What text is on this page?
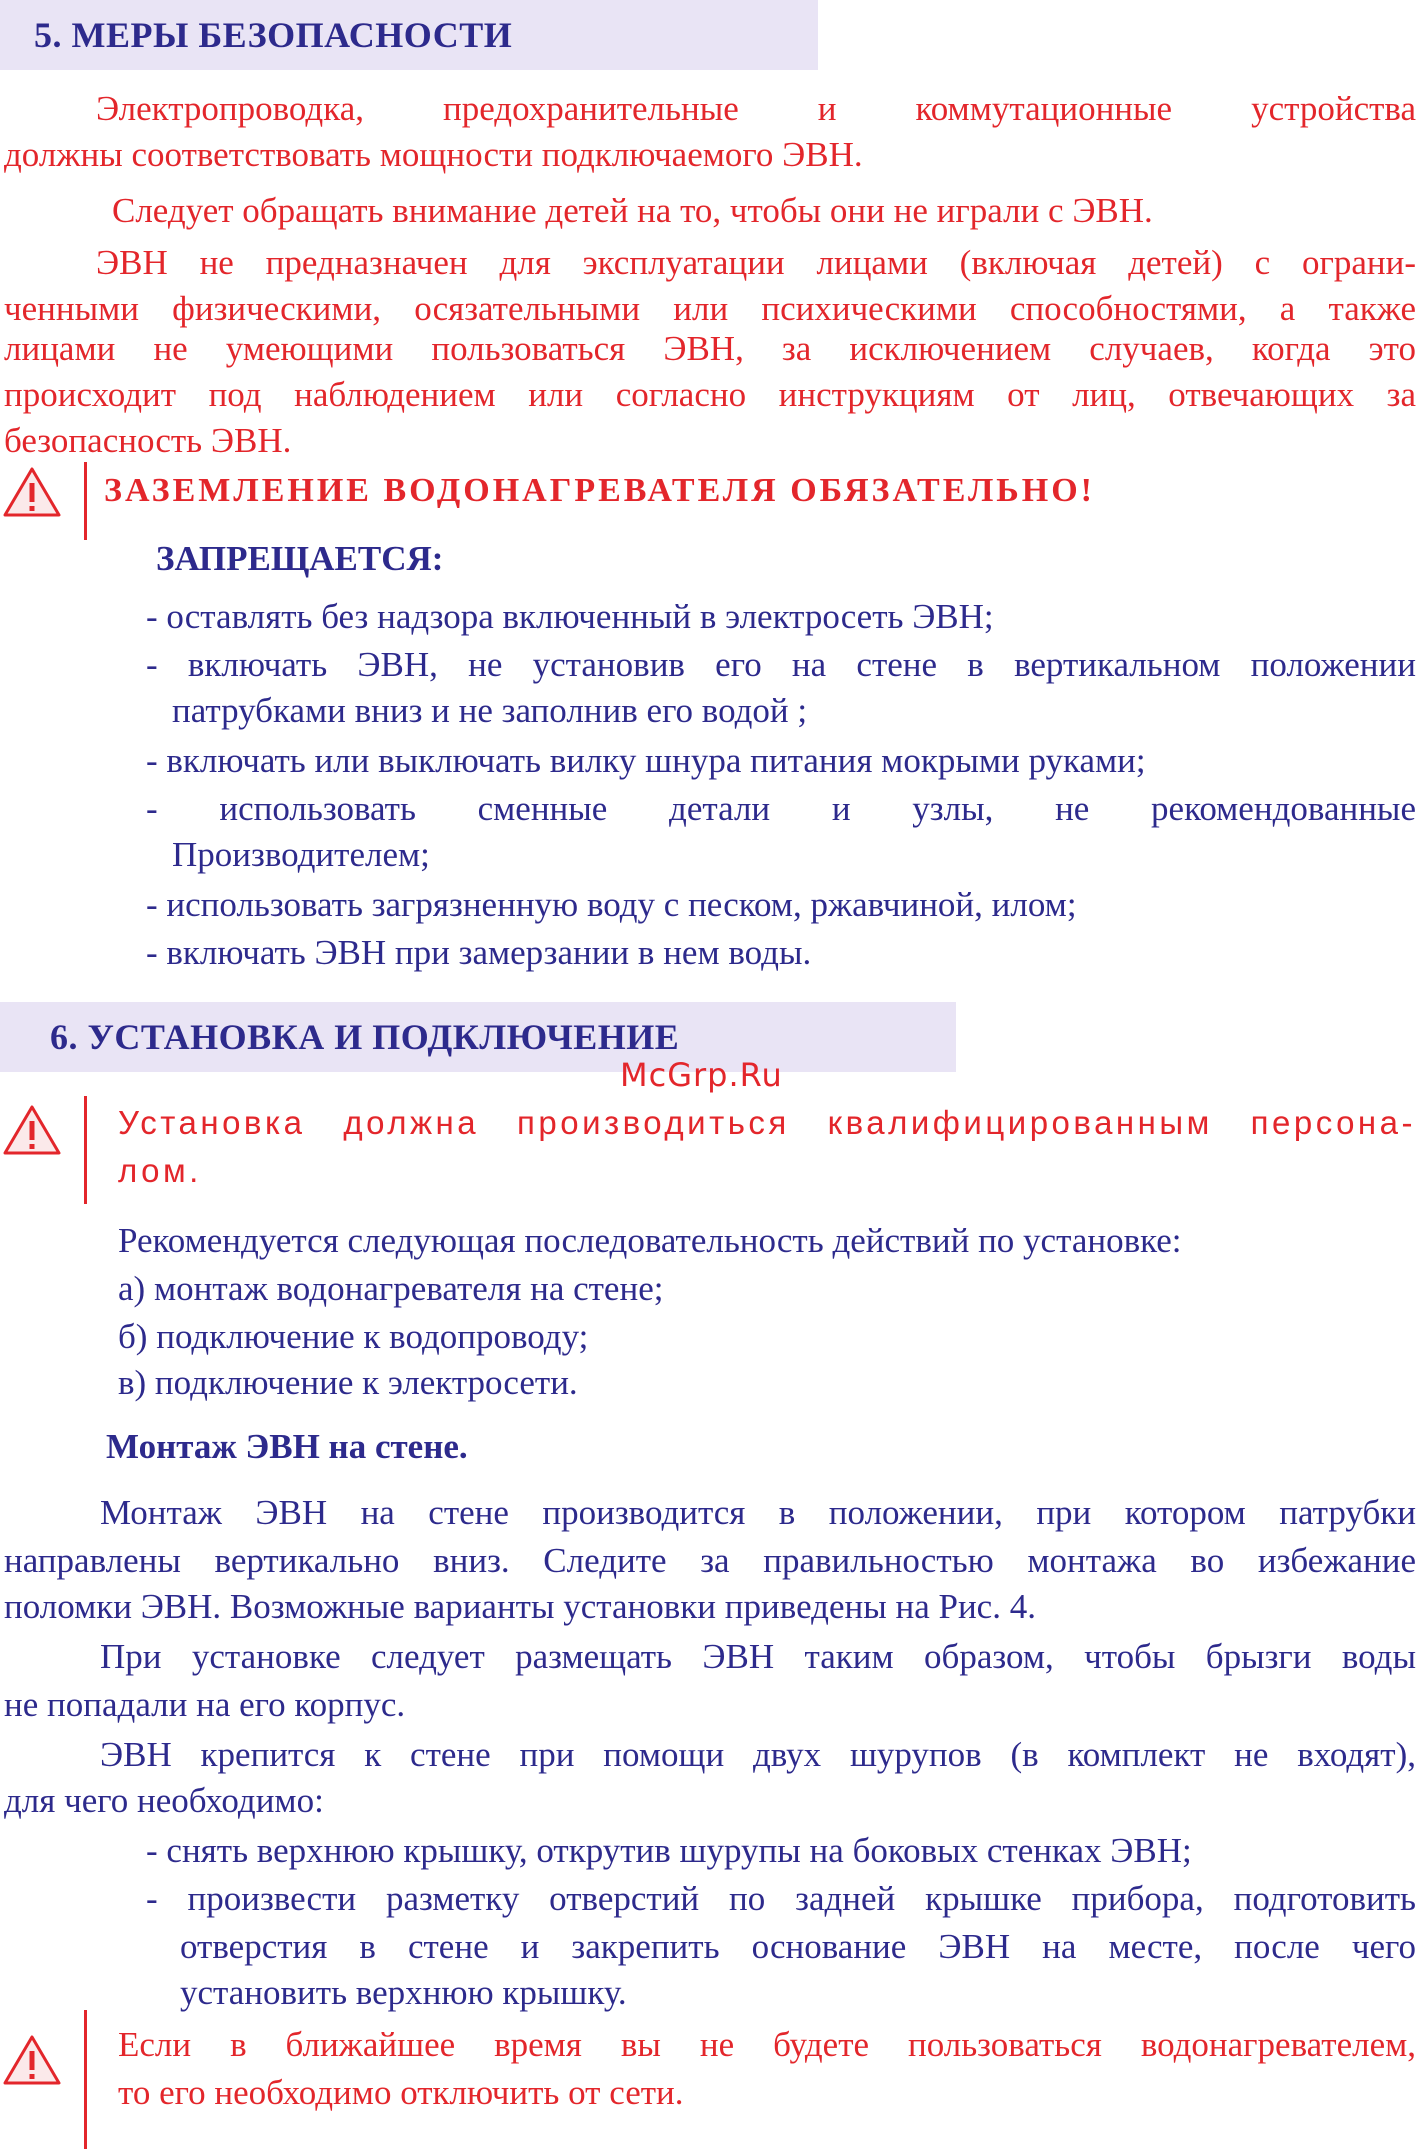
5. МЕРЫ БЕЗОПАСНОСТИ
Электропроводка, предохранительные и коммутационные устройства
должны соответствовать мощности подключаемого ЭВН.
Следует обращать внимание детей на то, чтобы они не играли с ЭВН.
ЭВН не предназначен для эксплуатации лицами (включая детей) с ограни-
ченными физическими, осязательными или психическими способностями, а также
лицами не умеющими пользоваться ЭВН, за исключением случаев, когда это
происходит под наблюдением или согласно инструкциям от лиц, отвечающих за
безопасность ЭВН.
ЗАЗЕМЛЕНИЕ ВОДОНАГРЕВАТЕЛЯ ОБЯЗАТЕЛЬНО!
ЗАПРЕЩАЕТСЯ:
- оставлять без надзора включенный в электросеть ЭВН;
- включать ЭВН, не установив его на стене в вертикальном положении
патрубками вниз и не заполнив его водой ;
- включать или выключать вилку шнура питания мокрыми руками;
- использовать сменные детали и узлы, не рекомендованные
Производителем;
- использовать загрязненную воду с песком, ржавчиной, илом;
- включать ЭВН при замерзании в нем воды.
6. УСТАНОВКА И ПОДКЛЮЧЕНИЕ
McGrp.Ru
Установка должна производиться квалифицированным персона-
лом.
Рекомендуется следующая последовательность действий по установке:
а) монтаж водонагревателя на стене;
б) подключение к водопроводу;
в) подключение к электросети.
Монтаж ЭВН на стене.
Монтаж ЭВН на стене производится в положении, при котором патрубки
направлены вертикально вниз. Следите за правильностью монтажа во избежание
поломки ЭВН. Возможные варианты установки приведены на Рис. 4.
При установке следует размещать ЭВН таким образом, чтобы брызги воды
не попадали на его корпус.
ЭВН крепится к стене при помощи двух шурупов (в комплект не входят),
для чего необходимо:
- снять верхнюю крышку, открутив шурупы на боковых стенках ЭВН;
- произвести разметку отверстий по задней крышке прибора, подготовить
отверстия в стене и закрепить основание ЭВН на месте, после чего
установить верхнюю крышку.
Если в ближайшее время вы не будете пользоваться водонагревателем,
то его необходимо отключить от сети.
